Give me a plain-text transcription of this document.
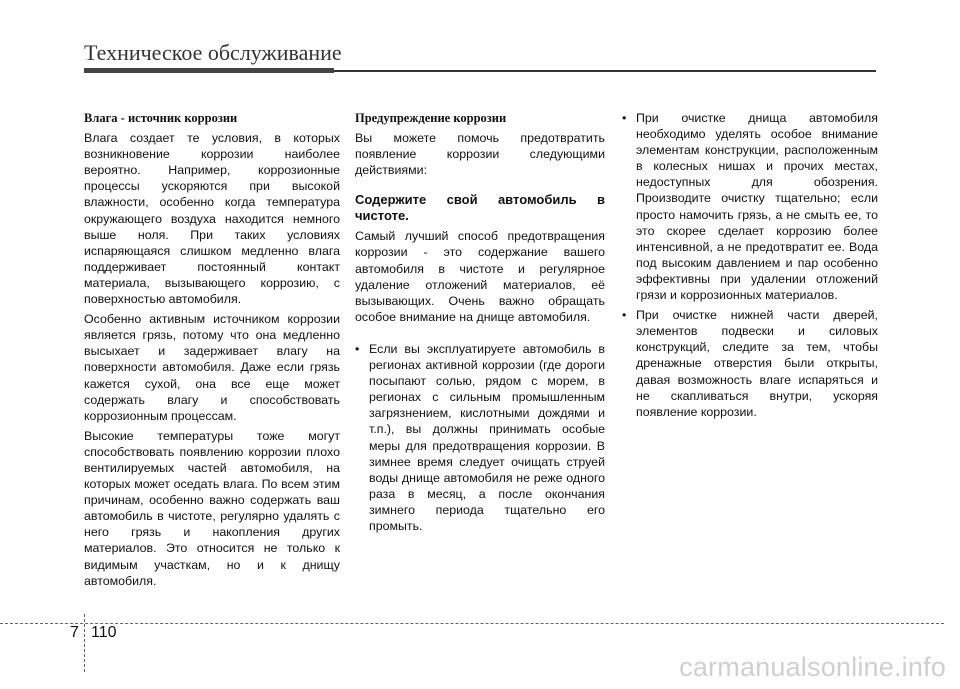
Техническое обслуживание
Влага - источник коррозии

Влага создает те условия, в которых возникновение коррозии наиболее вероятно. Например, коррозионные процессы ускоряются при высокой влажности, особенно когда температура окружающего воздуха находится немного выше ноля. При таких условиях испаряющаяся слишком медленно влага поддерживает постоянный контакт материала, вызывающего коррозию, с поверхностью автомобиля.

Особенно активным источником коррозии является грязь, потому что она медленно высыхает и задерживает влагу на поверхности автомобиля. Даже если грязь кажется сухой, она все еще может содержать влагу и способствовать коррозионным процессам.

Высокие температуры тоже могут способствовать появлению коррозии плохо вентилируемых частей автомобиля, на которых может оседать влага. По всем этим причинам, особенно важно содержать ваш автомобиль в чистоте, регулярно удалять с него грязь и накопления других материалов. Это относится не только к видимым участкам, но и к днищу автомобиля.

Предупреждение коррозии

Вы можете помочь предотвратить появление коррозии следующими действиями:

Содержите свой автомобиль в чистоте.

Самый лучший способ предотвращения коррозии - это содержание вашего автомобиля в чистоте и регулярное удаление отложений материалов, её вызывающих. Очень важно обращать особое внимание на днище автомобиля.

• Если вы эксплуатируете автомобиль в регионах активной коррозии (где дороги посыпают солью, рядом с морем, в регионах с сильным промышленным загрязнением, кислотными дождями и т.п.), вы должны принимать особые меры для предотвращения коррозии. В зимнее время следует очищать струей воды днище автомобиля не реже одного раза в месяц, а после окончания зимнего периода тщательно его промыть.
• При очистке днища автомобиля необходимо уделять особое внимание элементам конструкции, расположенным в колесных нишах и прочих местах, недоступных для обозрения. Производите очистку тщательно; если просто намочить грязь, а не смыть ее, то это скорее сделает коррозию более интенсивной, а не предотвратит ее. Вода под высоким давлением и пар особенно эффективны при удалении отложений грязи и коррозионных материалов.
• При очистке нижней части дверей, элементов подвески и силовых конструкций, следите за тем, чтобы дренажные отверстия были открыты, давая возможность влаге испаряться и не скапливаться внутри, ускоряя появление коррозии.
7 110
carmanualsonline.info
